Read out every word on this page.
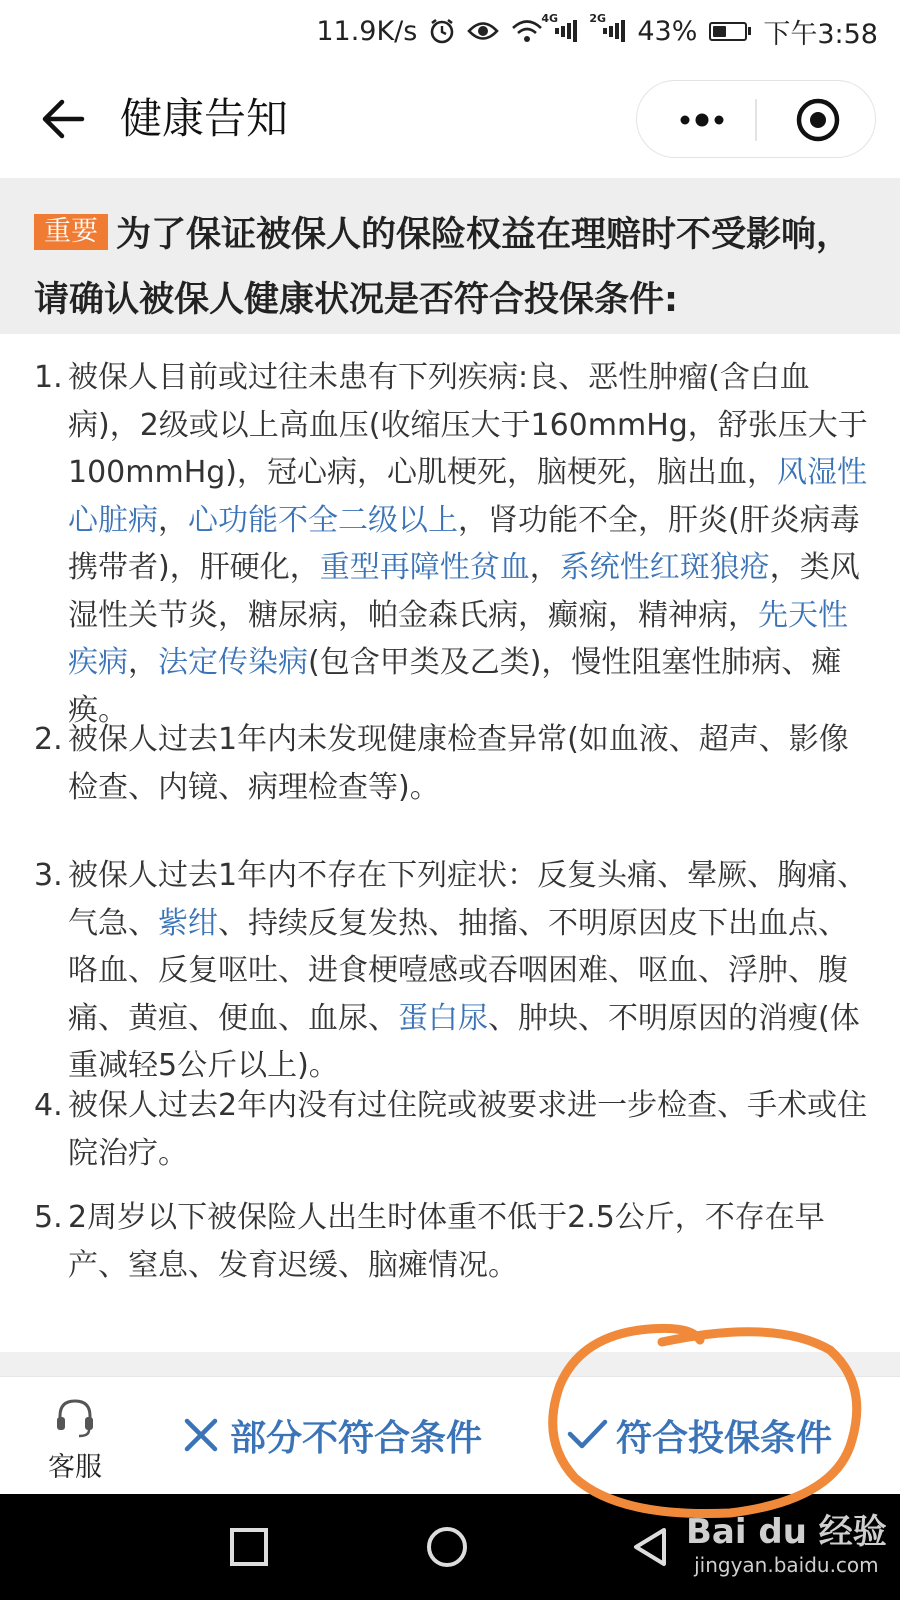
11.9K/s	4G	2G 43% 下午3:58
健康告知
重要 为了保证被保人的保险权益在理赔时不受影响，请确认被保人健康状况是否符合投保条件:
1. 被保人目前或过往未患有下列疾病:良、恶性肿瘤(含白血病)，2级或以上高血压(收缩压大于160mmHg，舒张压大于100mmHg)，冠心病，心肌梗死，脑梗死，脑出血，风湿性心脏病，心功能不全二级以上，肾功能不全，肝炎(肝炎病毒携带者)，肝硬化，重型再障性贫血，系统性红斑狼疮，类风湿性关节炎，糖尿病，帕金森氏病，癫痫，精神病，先天性疾病，法定传染病(包含甲类及乙类)，慢性阻塞性肺病、瘫痪。
2. 被保人过去1年内未发现健康检查异常(如血液、超声、影像检查、内镜、病理检查等)。
3. 被保人过去1年内不存在下列症状：反复头痛、晕厥、胸痛、气急、紫绀、持续反复发热、抽搐、不明原因皮下出血点、咯血、反复呕吐、进食梗噎感或吞咽困难、呕血、浮肿、腹痛、黄疸、便血、血尿、蛋白尿、肿块、不明原因的消瘦(体重减轻5公斤以上)。
4. 被保人过去2年内没有过住院或被要求进一步检查、手术或住院治疗。
5. 2周岁以下被保险人出生时体重不低于2.5公斤，不存在早产、窒息、发育迟缓、脑瘫情况。
客服
部分不符合条件	符合投保条件
Bai du 经验
jingyan.baidu.com
